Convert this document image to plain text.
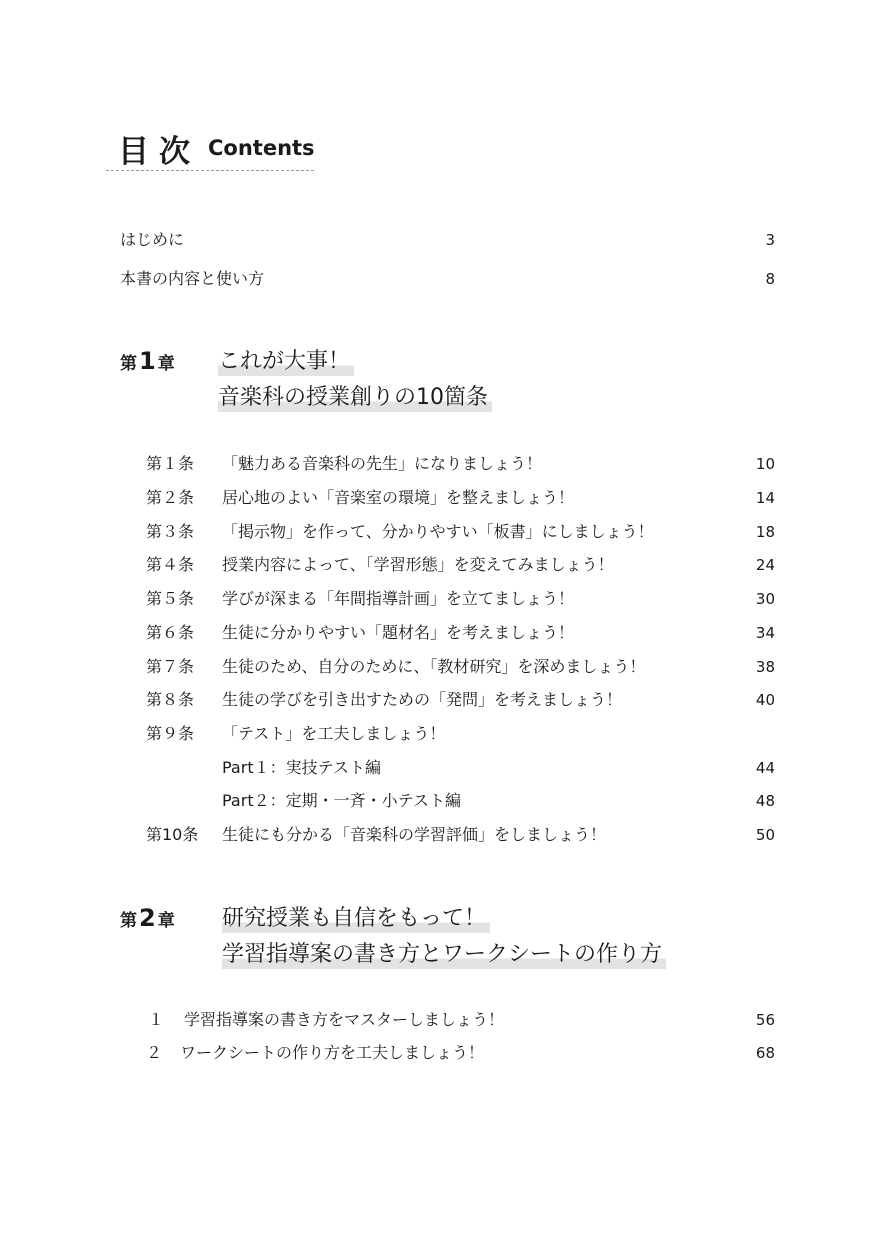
目次 Contents
はじめに	3
本書の内容と使い方	8
第1 章 これが大事！
音楽科の授業創りの10箇条
第１条 「魅力ある音楽科の先生」になりましょう！	10
第２条 居心地のよい「音楽室の環境」を整えましょう！	14
第３条 「掲示物」を作って、分かりやすい「板書」にしましょう！	18
第４条 授業内容によって、「学習形態」を変えてみましょう！	24
第５条 学びが深まる「年間指導計画」を立てましょう！	30
第６条 生徒に分かりやすい「題材名」を考えましょう！	34
第７条 生徒のため、自分のために、「教材研究」を深めましょう！	38
第８条 生徒の学びを引き出すための「発問」を考えましょう！	40
第９条 「テスト」を工夫しましょう！
Part１：実技テスト編	44
Part２：定期・一斉・小テスト編	48
第10条 生徒にも分かる「音楽科の学習評価」をしましょう！	50
第2 章 研究授業も自信をもって！
学習指導案の書き方とワークシートの作り方
１ 学習指導案の書き方をマスターしましょう！	56
２ ワークシートの作り方を工夫しましょう！	68
